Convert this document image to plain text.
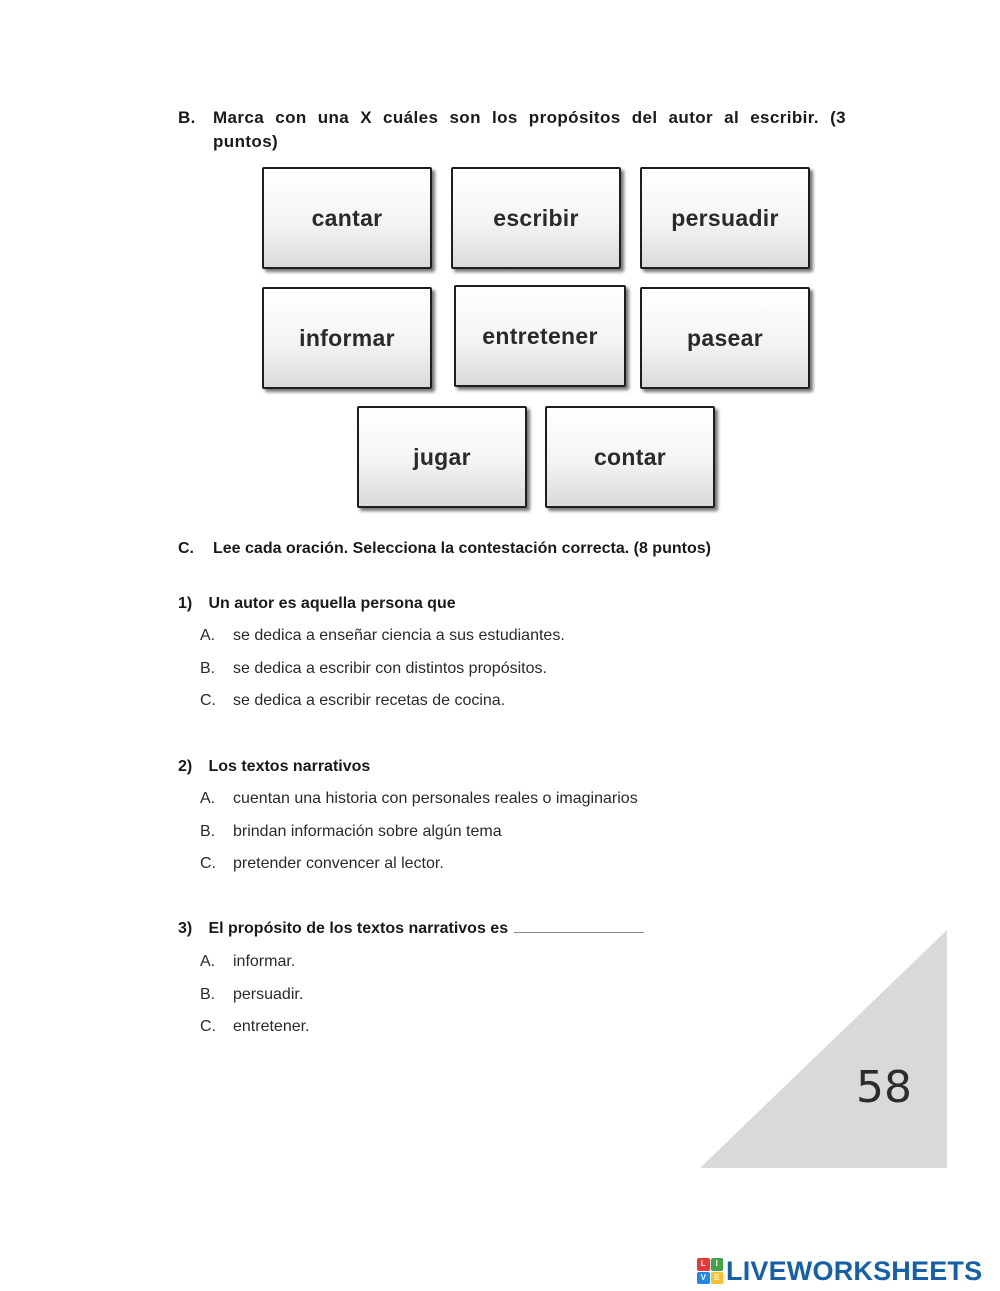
B. Marca con una X cuáles son los propósitos del autor al escribir. (3 puntos)
cantar	escribir	persuadir
informar	entretener	pasear
jugar	contar
C. Lee cada oración. Selecciona la contestación correcta. (8 puntos)
1) Un autor es aquella persona que
A. se dedica a enseñar ciencia a sus estudiantes.
B. se dedica a escribir con distintos propósitos.
C. se dedica a escribir recetas de cocina.
2) Los textos narrativos
A. cuentan una historia con personales reales o imaginarios
B. brindan información sobre algún tema
C. pretender convencer al lector.
58
3) El propósito de los textos narrativos es
A. informar.
B. persuadir.
C. entretener.
L	I
V	E LIVEWORKSHEETS
